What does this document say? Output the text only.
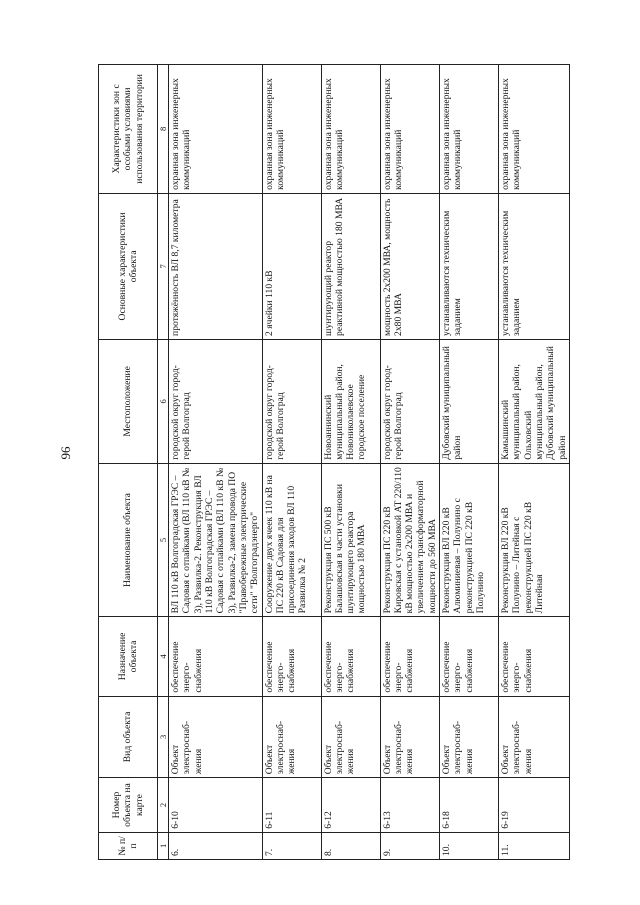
96
№ п/п	Номер объекта на карте	Вид объекта	Назначение объекта	Наименование объекта	Местоположение	Основные характеристики объекта	Характеристики зон с особыми условиями использования территории
1	2	3	4	5	6	7	8
6.	6-10	Объект электроснаб-жения	обеспечение энерго-снабжения	ВЛ 110 кВ Волгоградская ГРЭС – Садовая с отпайками (ВЛ 110 кВ № 3), Развилка-2. Реконструкция ВЛ 110 кВ Волгоградская ГРЭС – Садовая с отпайками (ВЛ 110 кВ № 3), Развилка-2, замена провода ПО "Правобережные электрические сети" "Волгоградэнерго"	городской округ город-герой Волгоград	протяжённость ВЛ 8,7 километра	охранная зона инженерных коммуникаций
7.	6-11	Объект электроснаб-жения	обеспечение энерго-снабжения	Сооружение двух ячеек 110 кВ на ПС 220 кВ Садовая для присоединения заходов ВЛ 110 Развилка № 2	городской округ город-герой Волгоград	2 ячейки 110 кВ	охранная зона инженерных коммуникаций
8.	6-12	Объект электроснаб-жения	обеспечение энерго-снабжения	Реконструкция ПС 500 кВ Балашовская в части установки шунтирующего реактора мощностью 180 МВА	Новоаннинский муниципальный район, Новониколаевское городское поселение	шунтирующий реактор реактивной мощностью 180 МВА	охранная зона инженерных коммуникаций
9.	6-13	Объект электроснаб-жения	обеспечение энерго-снабжения	Реконструкция ПС 220 кВ Кировская с установкой АТ 220/110 кВ мощностью 2х200 МВА и увеличением трансформаторной мощности до 560 МВА	городской округ город-герой Волгоград	мощность 2х200 МВА, мощность 2х80 МВА	охранная зона инженерных коммуникаций
10.	6-18	Объект электроснаб-жения	обеспечение энерго-снабжения	Реконструкция ВЛ 220 кВ Алюминиевая – Полунино с реконструкцией ПС 220 кВ Полунино	Дубовский муниципальный район	устанавливаются техническим заданием	охранная зона инженерных коммуникаций
11.	6-19	Объект электроснаб-жения	обеспечение энерго-снабжения	Реконструкция ВЛ 220 кВ Полунино – Литейная с реконструкцией ПС 220 кВ Литейная	Камышинский муниципальный район, Ольховский муниципальный район, Дубовский муниципальный район	устанавливаются техническим заданием	охранная зона инженерных коммуникаций
